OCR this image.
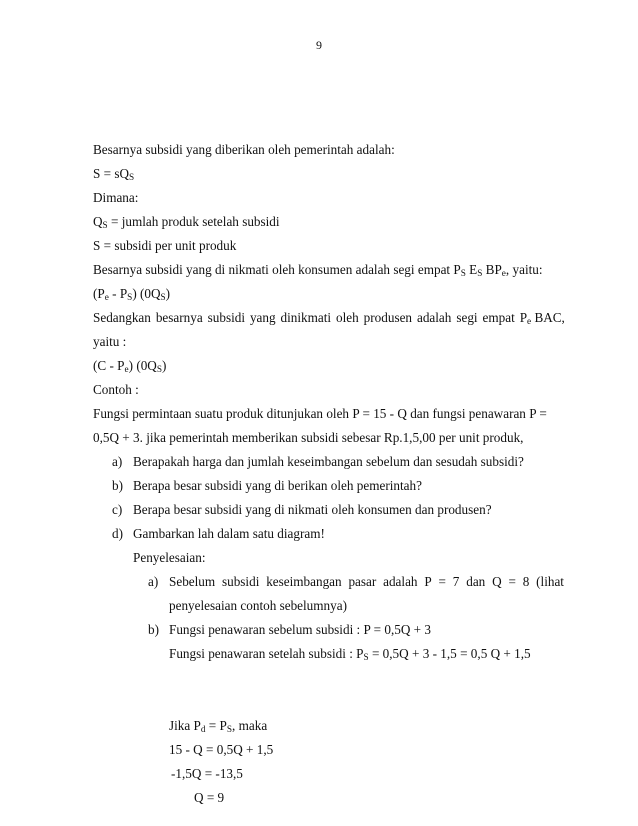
9
Besarnya subsidi yang diberikan oleh pemerintah adalah:
$S = sQ_S$
Dimana:
$Q_S$ = jumlah produk setelah subsidi
S = subsidi per unit produk
Besarnya subsidi yang di nikmati oleh konsumen adalah segi empat $P_S$ $E_S$ $BP_e$, yaitu:
$(P_e - P_S)$ $(0Q_S)$
Sedangkan besarnya subsidi yang dinikmati oleh produsen adalah segi empat $P_e$ BAC,
yaitu :
$(C - P_e)$ $(0Q_S)$
Contoh :
Fungsi permintaan suatu produk ditunjukan oleh P = 15 - Q dan fungsi penawaran P =
0,5Q + 3. jika pemerintah memberikan subsidi sebesar Rp.1,5,00 per unit produk,
a) Berapakah harga dan jumlah keseimbangan sebelum dan sesudah subsidi?
b) Berapa besar subsidi yang di berikan oleh pemerintah?
c) Berapa besar subsidi yang di nikmati oleh konsumen dan produsen?
d) Gambarkan lah dalam satu diagram!
Penyelesaian:
a) Sebelum subsidi keseimbangan pasar adalah P = 7 dan Q = 8 (lihat
penyelesaian contoh sebelumnya)
b) Fungsi penawaran sebelum subsidi : P = 0,5Q + 3
Fungsi penawaran setelah subsidi : $P_S = 0,5Q + 3 - 1,5 = 0,5$ Q + 1,5
Jika $P_d = P_S$, maka
15 - Q = 0,5Q + 1,5
-1,5Q = -13,5
Q = 9
